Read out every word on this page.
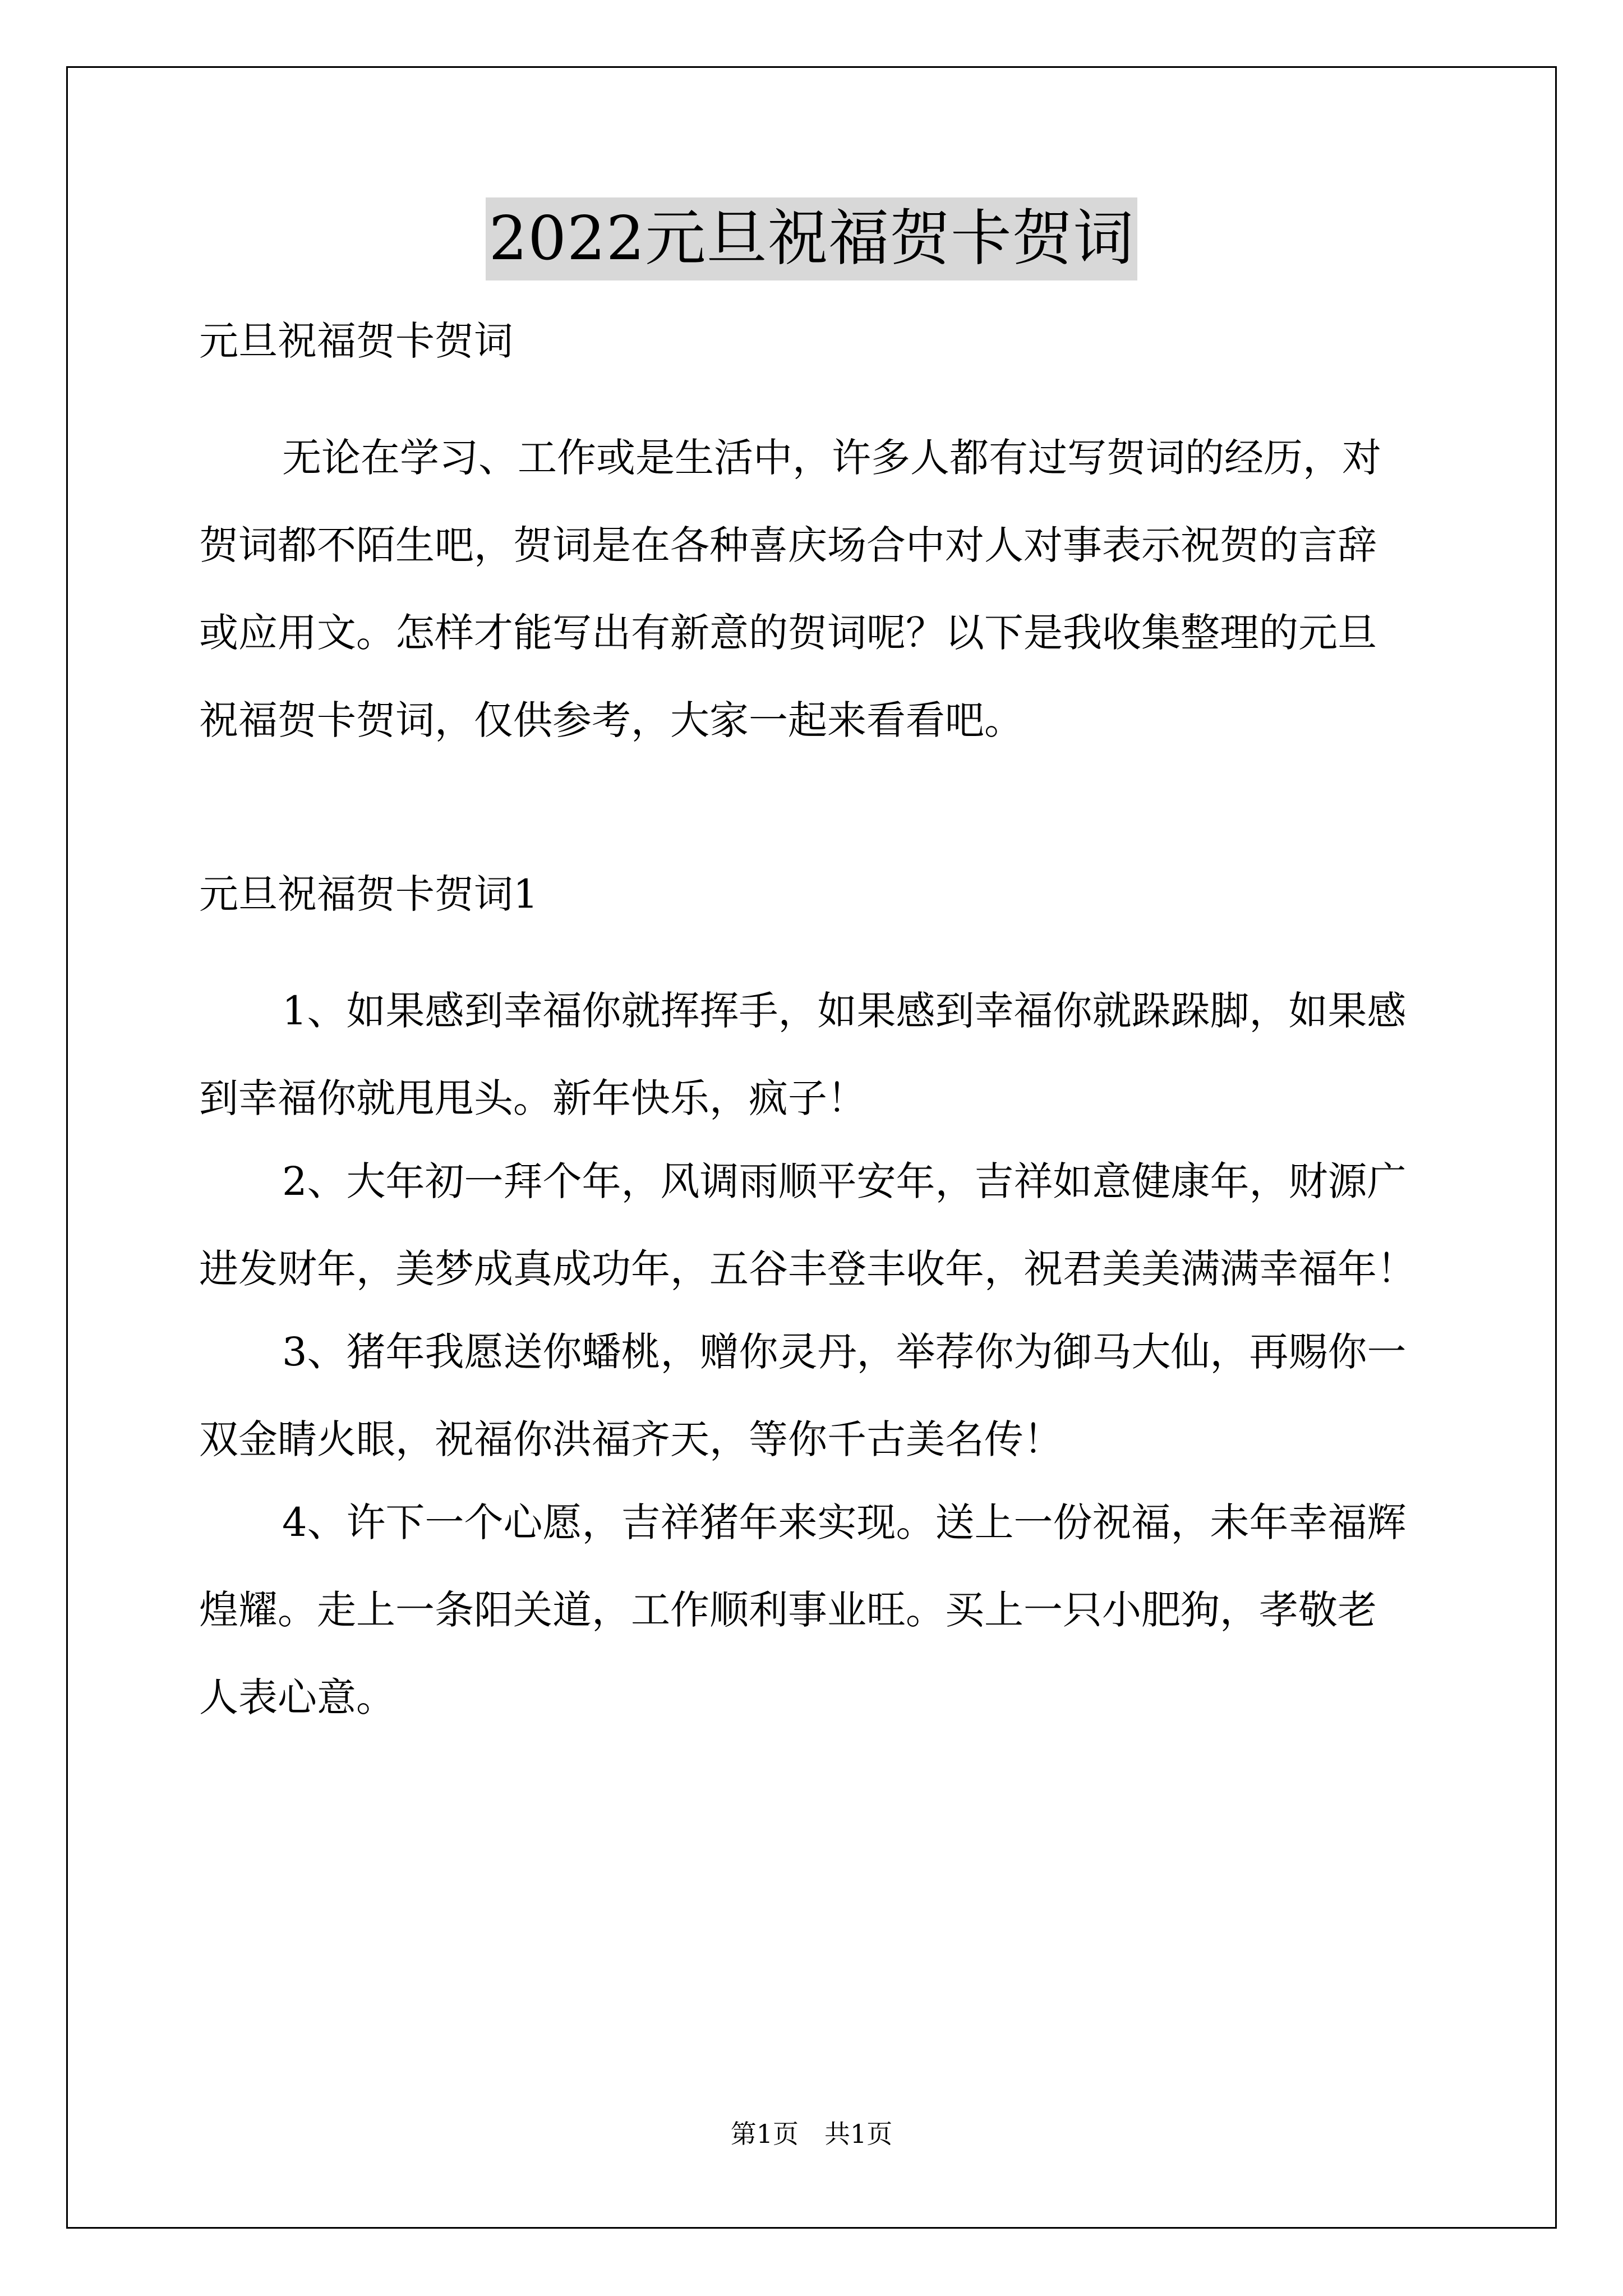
2022元旦祝福贺卡贺词
元旦祝福贺卡贺词
无论在学习、工作或是生活中，许多人都有过写贺词的经历，对
贺词都不陌生吧，贺词是在各种喜庆场合中对人对事表示祝贺的言辞
或应用文。怎样才能写出有新意的贺词呢？以下是我收集整理的元旦
祝福贺卡贺词，仅供参考，大家一起来看看吧。
元旦祝福贺卡贺词1
1、如果感到幸福你就挥挥手，如果感到幸福你就跺跺脚，如果感
到幸福你就甩甩头。新年快乐，疯子！
2、大年初一拜个年，风调雨顺平安年，吉祥如意健康年，财源广
进发财年，美梦成真成功年，五谷丰登丰收年，祝君美美满满幸福年！
3、猪年我愿送你蟠桃，赠你灵丹，举荐你为御马大仙，再赐你一
双金睛火眼，祝福你洪福齐天，等你千古美名传！
4、许下一个心愿，吉祥猪年来实现。送上一份祝福，未年幸福辉
煌耀。走上一条阳关道，工作顺利事业旺。买上一只小肥狗，孝敬老
人表心意。
第1页　共1页
